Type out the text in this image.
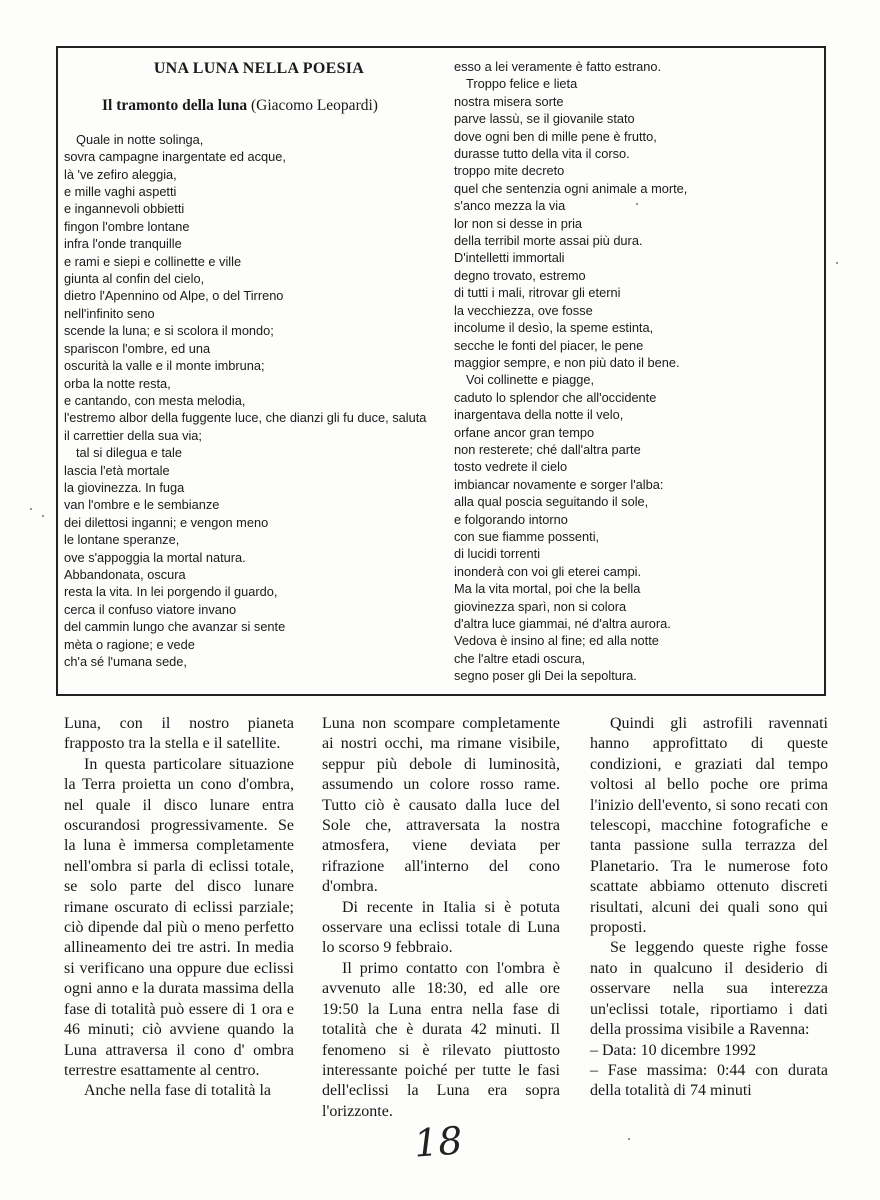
UNA LUNA NELLA POESIA
Il tramonto della luna (Giacomo Leopardi)
Quale in notte solinga,
sovra campagne inargentate ed acque,
là 've zefiro aleggia,
e mille vaghi aspetti
e ingannevoli obbietti
fingon l'ombre lontane
infra l'onde tranquille
e rami e siepi e collinette e ville
giunta al confin del cielo,
dietro l'Apennino od Alpe, o del Tirreno
nell'infinito seno
scende la luna; e si scolora il mondo;
spariscon l'ombre, ed una
oscurità la valle e il monte imbruna;
orba la notte resta,
e cantando, con mesta melodia,
l'estremo albor della fuggente luce, che dianzi gli fu duce, saluta
il carrettier della sua via;
tal si dilegua e tale
lascia l'età mortale
la giovinezza. In fuga
van l'ombre e le sembianze
dei dilettosi inganni; e vengon meno
le lontane speranze,
ove s'appoggia la mortal natura.
Abbandonata, oscura
resta la vita. In lei porgendo il guardo,
cerca il confuso viatore invano
del cammin lungo che avanzar si sente
mèta o ragione; e vede
ch'a sé l'umana sede,
esso a lei veramente è fatto estrano.
Troppo felice e lieta
nostra misera sorte
parve lassù, se il giovanile stato
dove ogni ben di mille pene è frutto,
durasse tutto della vita il corso.
troppo mite decreto
quel che sentenzia ogni animale a morte,
s'anco mezza la via
lor non si desse in pria
della terribil morte assai più dura.
D'intelletti immortali
degno trovato, estremo
di tutti i mali, ritrovar gli eterni
la vecchiezza, ove fosse
incolume il desìo, la speme estinta,
secche le fonti del piacer, le pene
maggior sempre, e non più dato il bene.
Voi collinette e piagge,
caduto lo splendor che all'occidente
inargentava della notte il velo,
orfane ancor gran tempo
non resterete; ché dall'altra parte
tosto vedrete il cielo
imbiancar novamente e sorger l'alba:
alla qual poscia seguitando il sole,
e folgorando intorno
con sue fiamme possenti,
di lucidi torrenti
inonderà con voi gli eterei campi.
Ma la vita mortal, poi che la bella
giovinezza sparì, non si colora
d'altra luce giammai, né d'altra aurora.
Vedova è insino al fine; ed alla notte
che l'altre etadi oscura,
segno poser gli Dei la sepoltura.

Luna, con il nostro pianeta frapposto tra la stella e il satellite.

In questa particolare situazione la Terra proietta un cono d'ombra, nel quale il disco lunare entra oscurandosi progressivamente. Se la luna è immersa completamente nell'ombra si parla di eclissi totale, se solo parte del disco lunare rimane oscurato di eclissi parziale; ciò dipende dal più o meno perfetto allineamento dei tre astri. In media si verificano una oppure due eclissi ogni anno e la durata massima della fase di totalità può essere di 1 ora e 46 minuti; ciò avviene quando la Luna attraversa il cono d' ombra terrestre esattamente al centro.

Anche nella fase di totalità la

Luna non scompare completamente ai nostri occhi, ma rimane visibile, seppur più debole di luminosità, assumendo un colore rosso rame. Tutto ciò è causato dalla luce del Sole che, attraversata la nostra atmosfera, viene deviata per rifrazione all'interno del cono d'ombra.

Di recente in Italia si è potuta osservare una eclissi totale di Luna lo scorso 9 febbraio.

Il primo contatto con l'ombra è avvenuto alle 18:30, ed alle ore 19:50 la Luna entra nella fase di totalità che è durata 42 minuti. Il fenomeno si è rilevato piuttosto interessante poiché per tutte le fasi dell'eclissi la Luna era sopra l'orizzonte.

Quindi gli astrofili ravennati hanno approfittato di queste condizioni, e graziati dal tempo voltosi al bello poche ore prima l'inizio dell'evento, si sono recati con telescopi, macchine fotografiche e tanta passione sulla terrazza del Planetario. Tra le numerose foto scattate abbiamo ottenuto discreti risultati, alcuni dei quali sono qui proposti.

Se leggendo queste righe fosse nato in qualcuno il desiderio di osservare nella sua interezza un'eclissi totale, riportiamo i dati della prossima visibile a Ravenna:

– Data: 10 dicembre 1992

– Fase massima: 0:44 con durata della totalità di 74 minuti

18
